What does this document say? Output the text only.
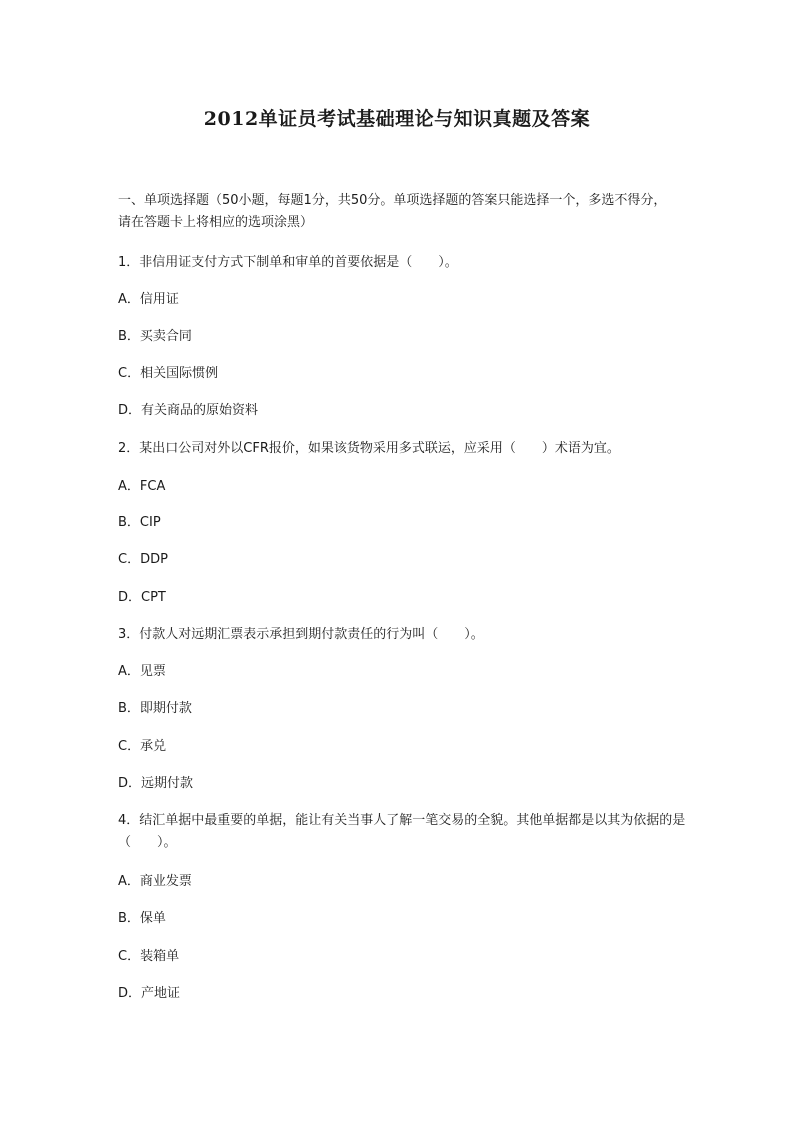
2012单证员考试基础理论与知识真题及答案
一、单项选择题（50小题，每题1分，共50分。单项选择题的答案只能选择一个，多选不得分，请在答题卡上将相应的选项涂黑）
1．非信用证支付方式下制单和审单的首要依据是（　　）。
A．信用证
B．买卖合同
C．相关国际惯例
D．有关商品的原始资料
2．某出口公司对外以CFR报价，如果该货物采用多式联运，应采用（　　）术语为宜。
A．FCA
B．CIP
C．DDP
D．CPT
3．付款人对远期汇票表示承担到期付款责任的行为叫（　　）。
A．见票
B．即期付款
C．承兑
D．远期付款
4．结汇单据中最重要的单据，能让有关当事人了解一笔交易的全貌。其他单据都是以其为依据的是（　　）。
A．商业发票
B．保单
C．装箱单
D．产地证
